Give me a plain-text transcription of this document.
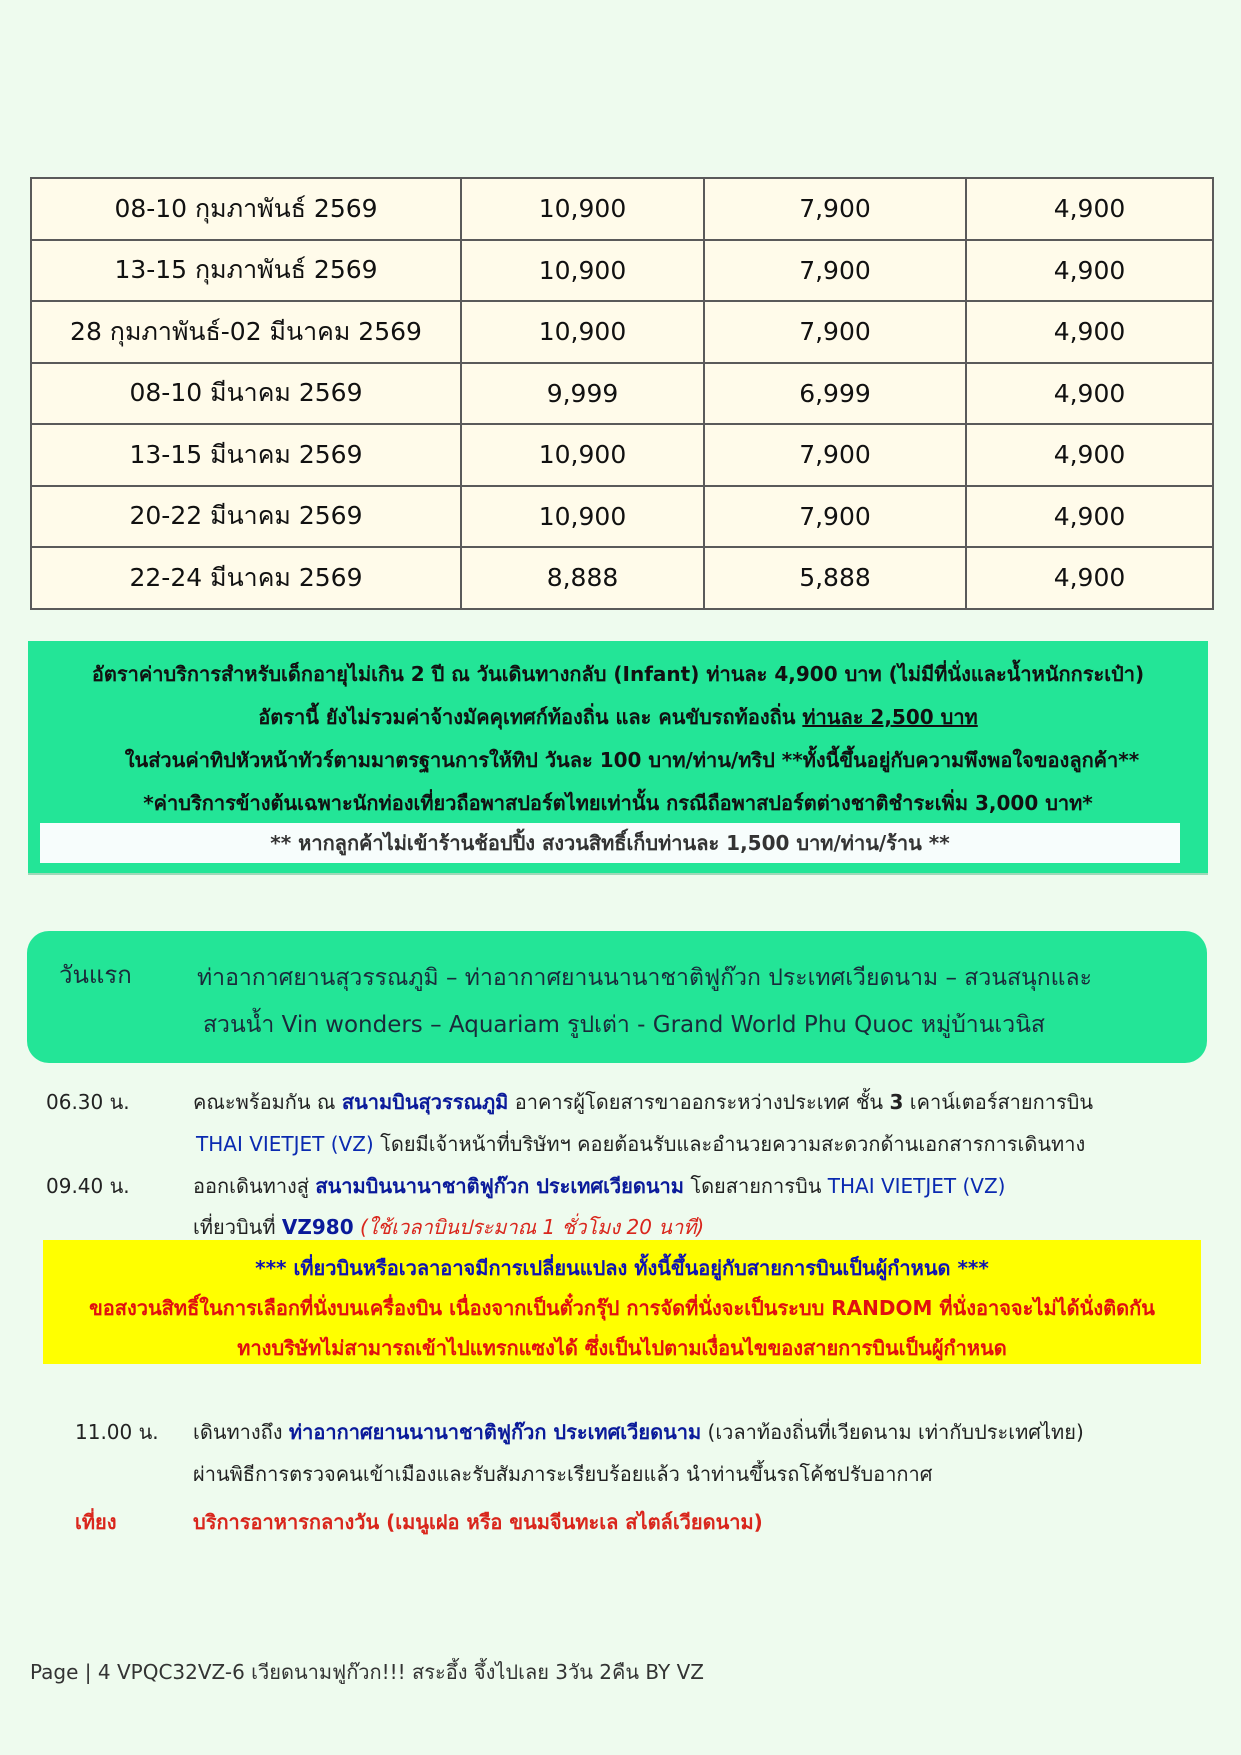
08-10 กุมภาพันธ์ 2569	10,900	7,900	4,900
13-15 กุมภาพันธ์ 2569	10,900	7,900	4,900
28 กุมภาพันธ์-02 มีนาคม 2569	10,900	7,900	4,900
08-10 มีนาคม 2569	9,999	6,999	4,900
13-15 มีนาคม 2569	10,900	7,900	4,900
20-22 มีนาคม 2569	10,900	7,900	4,900
22-24 มีนาคม 2569	8,888	5,888	4,900
อัตราค่าบริการสำหรับเด็กอายุไม่เกิน 2 ปี ณ วันเดินทางกลับ (Infant) ท่านละ 4,900 บาท (ไม่มีที่นั่งและน้ำหนักกระเป๋า)
อัตรานี้ ยังไม่รวมค่าจ้างมัคคุเทศก์ท้องถิ่น และ คนขับรถท้องถิ่น ท่านละ 2,500 บาท
ในส่วนค่าทิปหัวหน้าทัวร์ตามมาตรฐานการให้ทิป วันละ 100 บาท/ท่าน/ทริป **ทั้งนี้ขึ้นอยู่กับความพึงพอใจของลูกค้า**
*ค่าบริการข้างต้นเฉพาะนักท่องเที่ยวถือพาสปอร์ตไทยเท่านั้น กรณีถือพาสปอร์ตต่างชาติชำระเพิ่ม 3,000 บาท*
** หากลูกค้าไม่เข้าร้านช้อปปิ้ง สงวนสิทธิ์เก็บท่านละ 1,500 บาท/ท่าน/ร้าน **
วันแรก	ท่าอากาศยานสุวรรณภูมิ – ท่าอากาศยานนานาชาติฟูก๊วก ประเทศเวียดนาม – สวนสนุกและ
สวนน้ำ Vin wonders – Aquariam รูปเต่า - Grand World Phu Quoc หมู่บ้านเวนิส
06.30 น.	คณะพร้อมกัน ณ สนามบินสุวรรณภูมิ อาคารผู้โดยสารขาออกระหว่างประเทศ ชั้น 3 เคาน์เตอร์สายการบิน
THAI VIETJET (VZ) โดยมีเจ้าหน้าที่บริษัทฯ คอยต้อนรับและอำนวยความสะดวกด้านเอกสารการเดินทาง
09.40 น.	ออกเดินทางสู่ สนามบินนานาชาติฟูก๊วก ประเทศเวียดนาม โดยสายการบิน THAI VIETJET (VZ)
เที่ยวบินที่ VZ980 (ใช้เวลาบินประมาณ 1 ชั่วโมง 20 นาที)
*** เที่ยวบินหรือเวลาอาจมีการเปลี่ยนแปลง ทั้งนี้ขึ้นอยู่กับสายการบินเป็นผู้กำหนด ***
ขอสงวนสิทธิ์ในการเลือกที่นั่งบนเครื่องบิน เนื่องจากเป็นตั๋วกรุ๊ป การจัดที่นั่งจะเป็นระบบ RANDOM ที่นั่งอาจจะไม่ได้นั่งติดกัน
ทางบริษัทไม่สามารถเข้าไปแทรกแซงได้ ซึ่งเป็นไปตามเงื่อนไขของสายการบินเป็นผู้กำหนด
11.00 น. เดินทางถึง ท่าอากาศยานนานาชาติฟูก๊วก ประเทศเวียดนาม (เวลาท้องถิ่นที่เวียดนาม เท่ากับประเทศไทย)
ผ่านพิธีการตรวจคนเข้าเมืองและรับสัมภาระเรียบร้อยแล้ว นำท่านขึ้นรถโค้ชปรับอากาศ
เที่ยง	บริการอาหารกลางวัน (เมนูเฝอ หรือ ขนมจีนทะเล สไตล์เวียดนาม)
Page | 4 VPQC32VZ-6 เวียดนามฟูก๊วก!!! สระอึ้ง จึ้งไปเลย 3วัน 2คืน BY VZ
